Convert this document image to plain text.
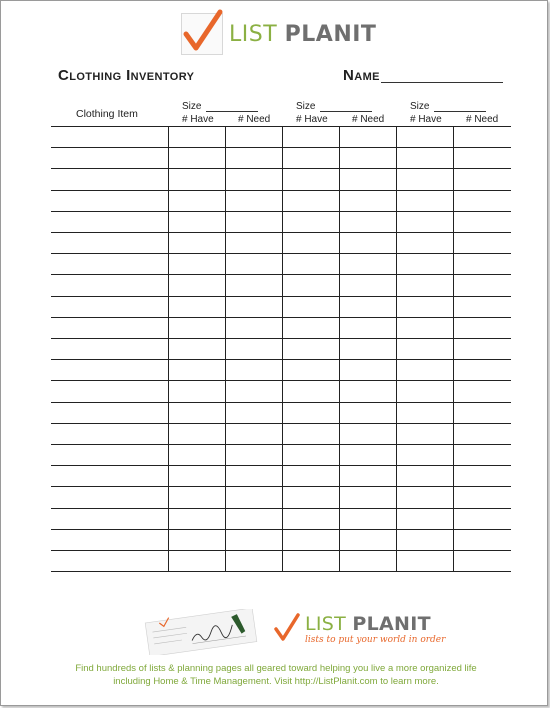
LIST PLANIT
Clothing Inventory	Name
Clothing Item
Size
# Have # Need
Size
# Have # Need
Size
# Have # Need
LIST PLANIT
lists to put your world in order
Find hundreds of lists & planning pages all geared toward helping you live a more organized life
including Home & Time Management. Visit http://ListPlanit.com to learn more.
